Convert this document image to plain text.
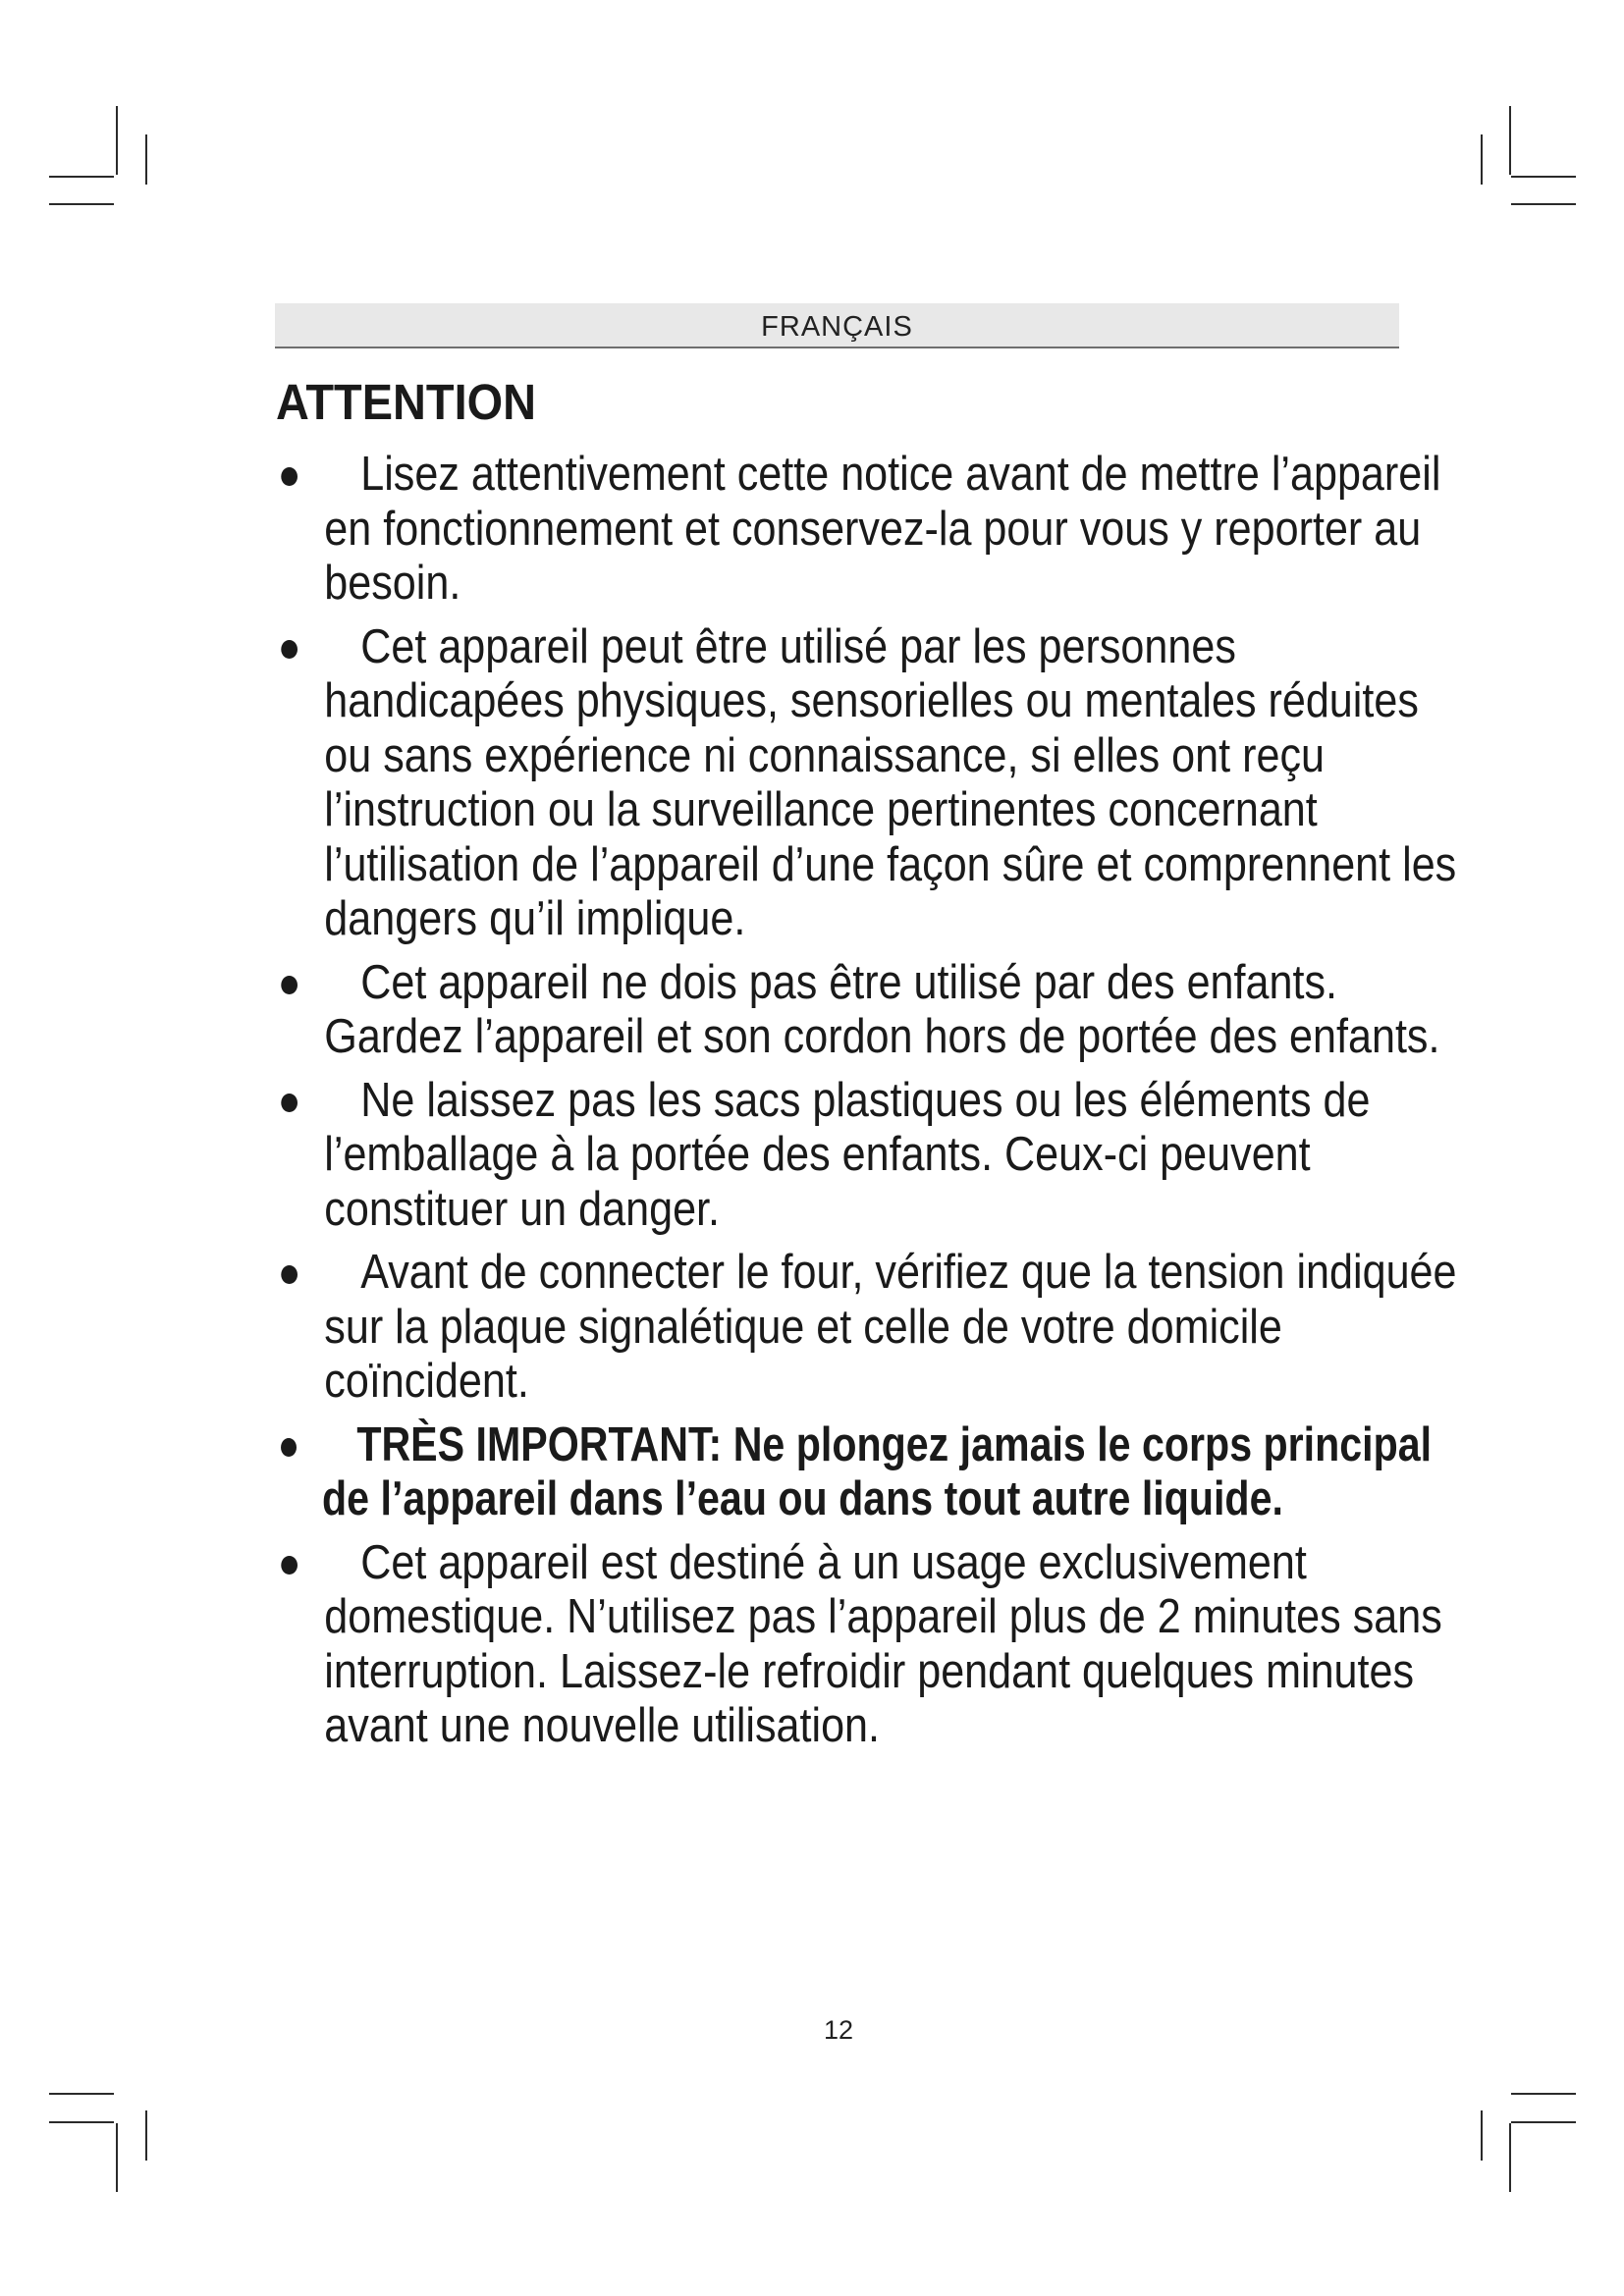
FRANÇAIS
ATTENTION
Lisez attentivement cette notice avant de mettre l’appareil en fonctionnement et conservez-la pour vous y reporter au besoin.
Cet appareil peut être utilisé par les personnes handicapées physiques, sensorielles ou mentales réduites ou sans expérience ni connaissance, si elles ont reçu l’instruction ou la surveillance pertinentes concernant l’utilisation de l’appareil d’une façon sûre et comprennent les dangers qu’il implique.
Cet appareil ne dois pas être utilisé par des enfants. Gardez l’appareil et son cordon hors de portée des enfants.
Ne laissez pas les sacs plastiques ou les éléments de l’emballage à la portée des enfants. Ceux-ci peuvent constituer un danger.
Avant de connecter le four, vérifiez que la tension indiquée sur la plaque signalétique et celle de votre domicile coïncident.
TRÈS IMPORTANT: Ne plongez jamais le corps principal de l’appareil dans l’eau ou dans tout autre liquide.
Cet appareil est destiné à un usage exclusivement domestique. N’utilisez pas l’appareil plus de 2 minutes sans interruption. Laissez-le refroidir pendant quelques minutes avant une nouvelle utilisation.
12
